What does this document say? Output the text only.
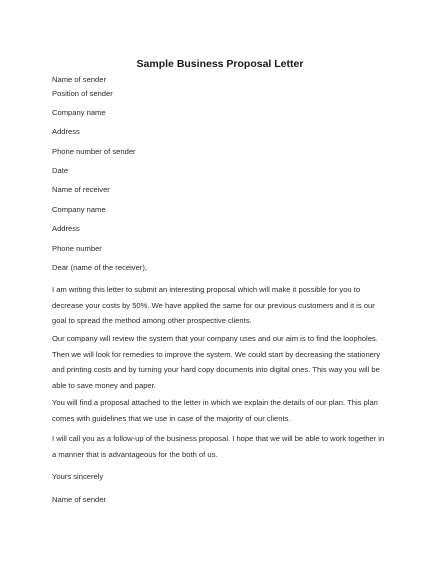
Sample Business Proposal Letter
Name of sender
Position of sender
Company name
Address
Phone number of sender
Date
Name of receiver
Company name
Address
Phone number
Dear (name of the receiver),
I am writing this letter to submit an interesting proposal which will make it possible for you to
decrease your costs by 50%. We have applied the same for our previous customers and it is our
goal to spread the method among other prospective clients.
Our company will review the system that your company uses and our aim is to find the loopholes.
Then we will look for remedies to improve the system. We could start by decreasing the stationery
and printing costs and by turning your hard copy documents into digital ones. This way you will be
able to save money and paper.
You will find a proposal attached to the letter in which we explain the details of our plan. This plan
comes with guidelines that we use in case of the majority of our clients.
I will call you as a follow-up of the business proposal. I hope that we will be able to work together in
a manner that is advantageous for the both of us.
Yours sincerely
Name of sender
